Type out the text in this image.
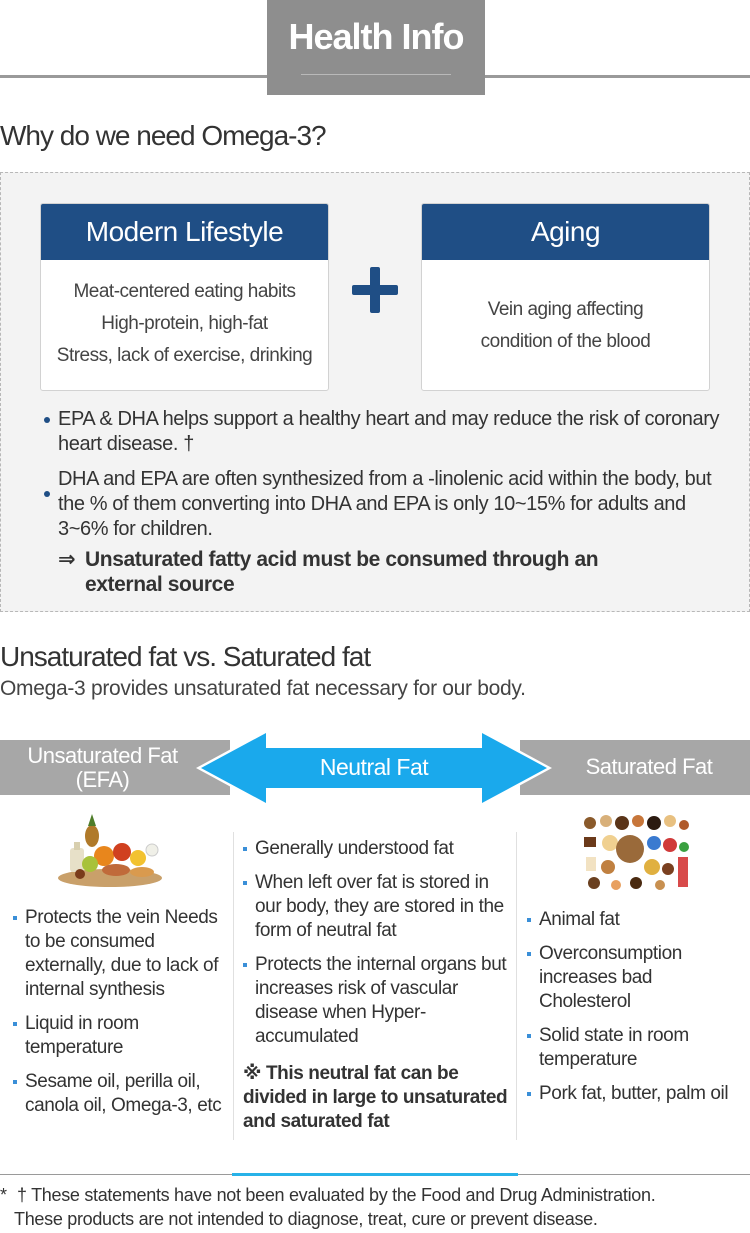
Health Info
Why do we need Omega-3?
Modern Lifestyle
Meat-centered eating habits
High-protein, high-fat
Stress, lack of exercise, drinking
Aging
Vein aging affecting
condition of the blood
EPA & DHA helps support a healthy heart and may reduce the risk of coronary heart disease. †
DHA and EPA are often synthesized from a -linolenic acid within the body, but the % of them converting into DHA and EPA is only 10~15% for adults and 3~6% for children.
⇒ Unsaturated fatty acid must be consumed through an external source
Unsaturated fat vs. Saturated fat
Omega-3 provides unsaturated fat necessary for our body.
Unsaturated Fat
(EFA)
Saturated Fat
Neutral Fat
Protects the vein Needs to be consumed externally, due to lack of internal synthesis
Liquid in room temperature
Sesame oil, perilla oil, canola oil, Omega-3, etc
Generally understood fat
When left over fat is stored in our body, they are stored in the form of neutral fat
Protects the internal organs but increases risk of vascular disease when Hyper-accumulated
※ This neutral fat can be divided in large to unsaturated and saturated fat
Animal fat
Overconsumption increases bad Cholesterol
Solid state in room temperature
Pork fat, butter, palm oil
* † These statements have not been evaluated by the Food and Drug Administration.
These products are not intended to diagnose, treat, cure or prevent disease.
